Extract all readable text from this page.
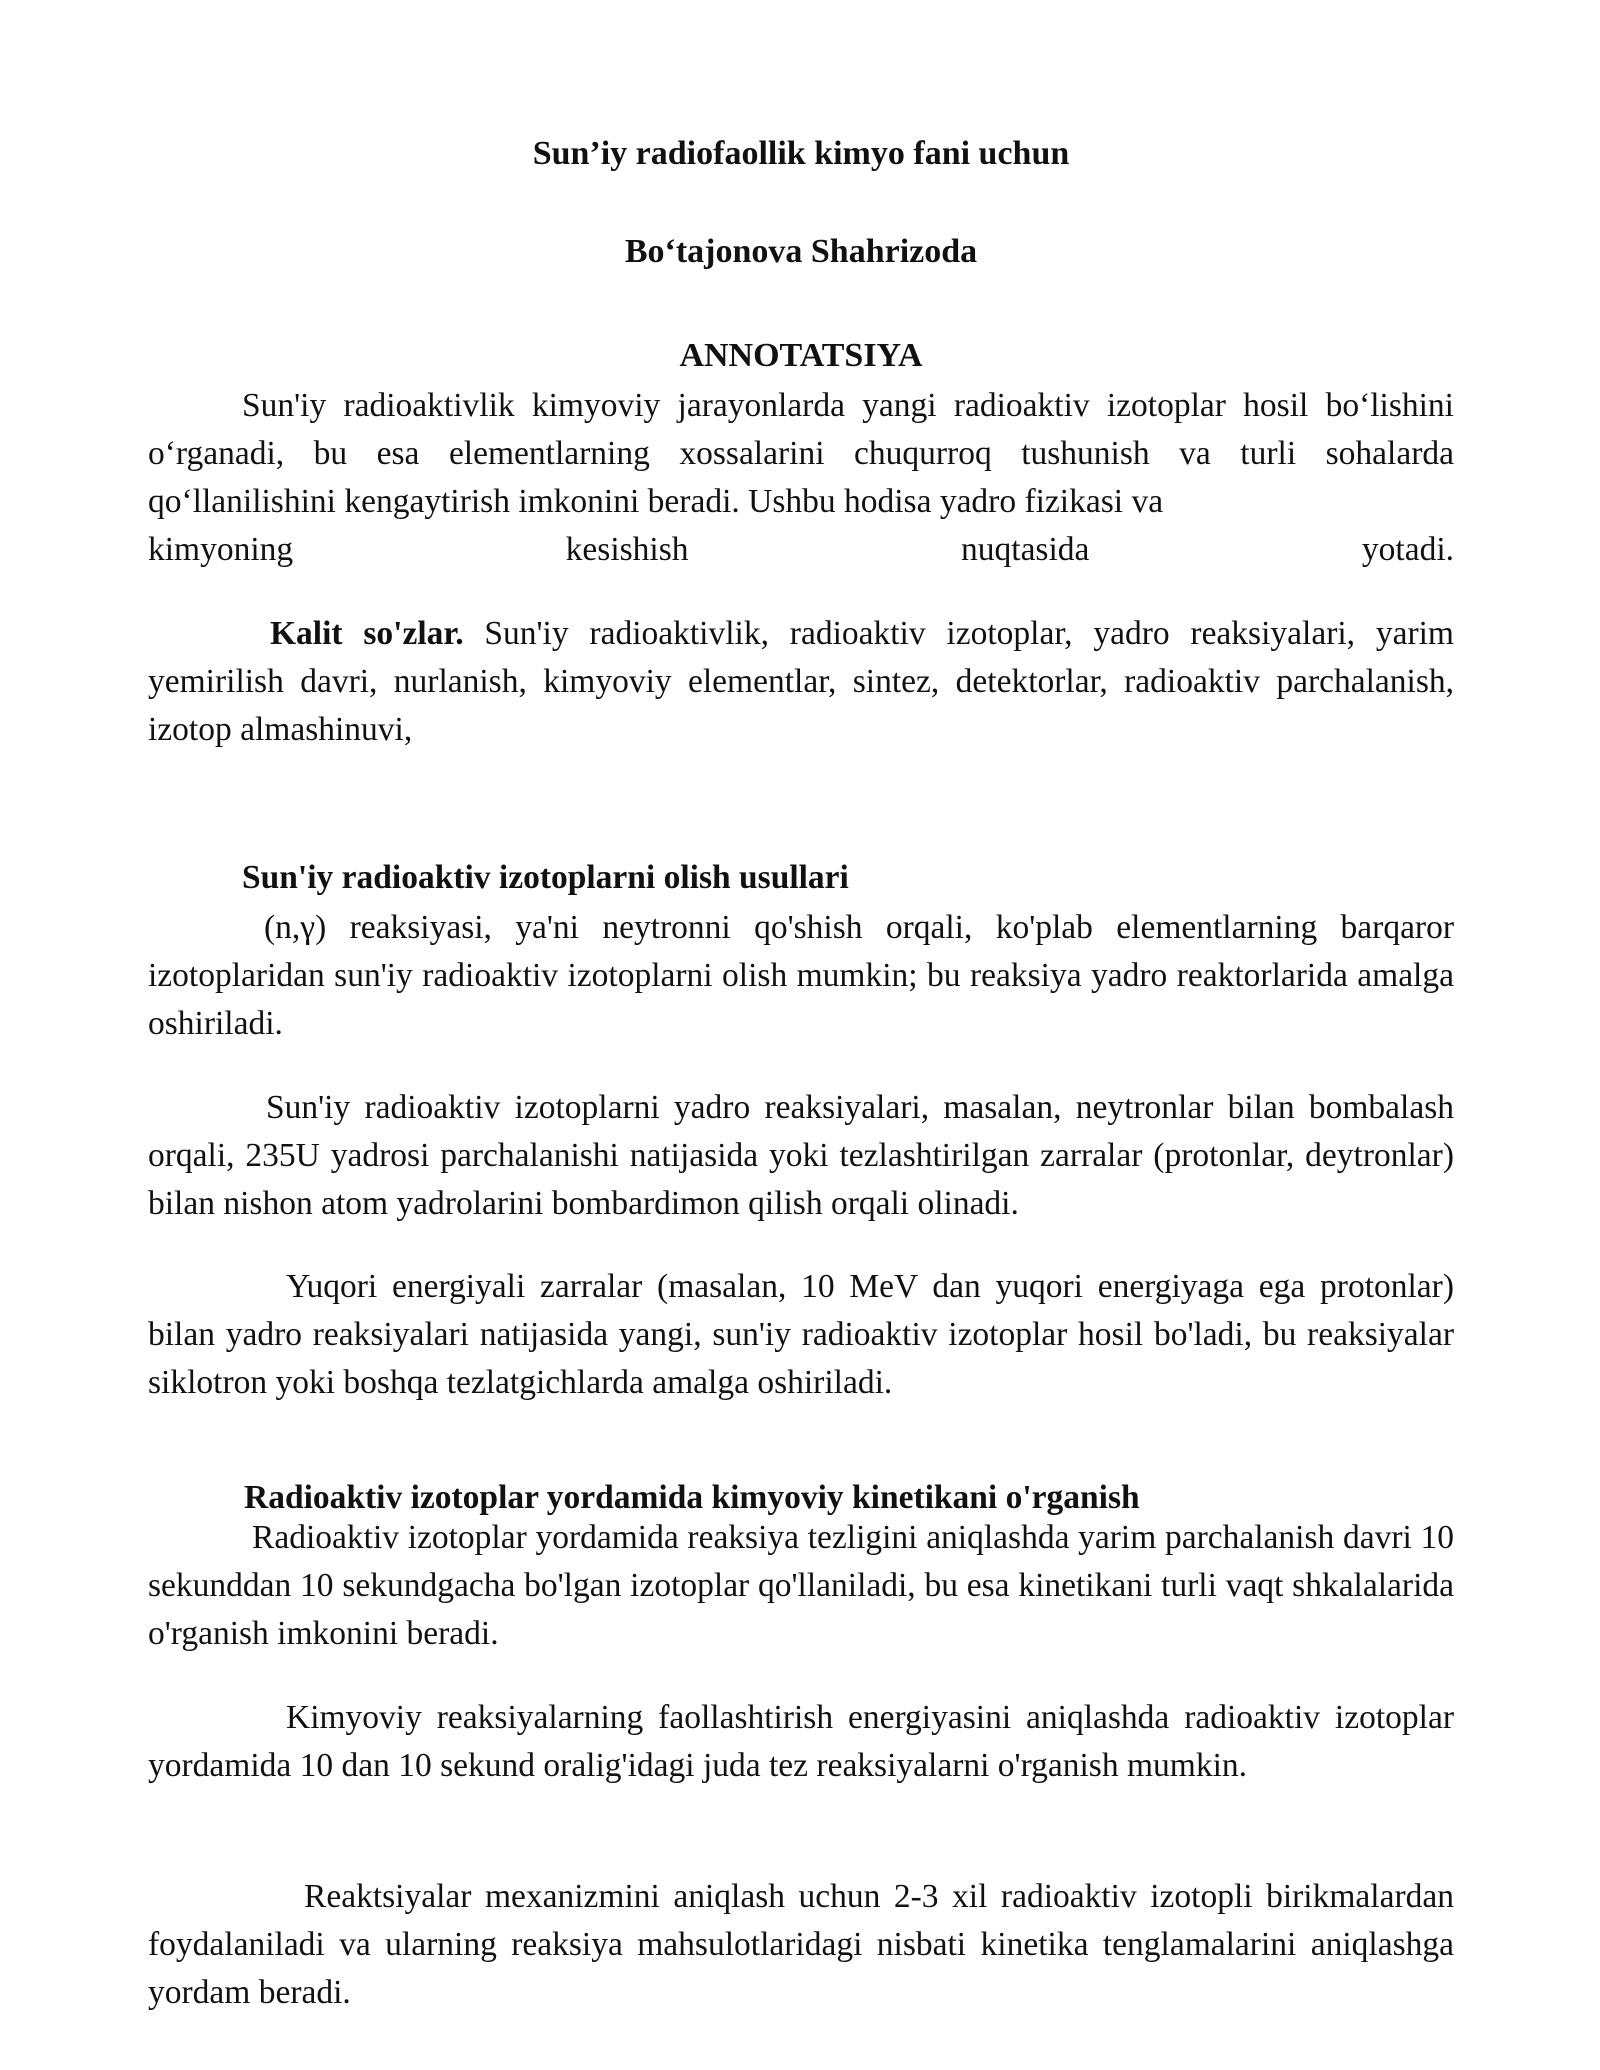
Sun’iy radiofaollik kimyo fani uchun
Bo‘tajonova Shahrizoda
ANNOTATSIYA

Sun'iy radioaktivlik kimyoviy jarayonlarda yangi radioaktiv izotoplar hosil bo‘lishini o‘rganadi, bu esa elementlarning xossalarini chuqurroq tushunish va turli sohalarda qo‘llanilishini kengaytirish imkonini beradi. Ushbu hodisa yadro fizikasi va

kimyoning kesishish nuqtasida yotadi.

Kalit so'zlar. Sun'iy radioaktivlik, radioaktiv izotoplar, yadro reaksiyalari, yarim yemirilish davri, nurlanish, kimyoviy elementlar, sintez, detektorlar, radioaktiv parchalanish, izotop almashinuvi,

Sun'iy radioaktiv izotoplarni olish usullari

(n,γ) reaksiyasi, ya'ni neytronni qo'shish orqali, ko'plab elementlarning barqaror izotoplaridan sun'iy radioaktiv izotoplarni olish mumkin; bu reaksiya yadro reaktorlarida amalga oshiriladi.

Sun'iy radioaktiv izotoplarni yadro reaksiyalari, masalan, neytronlar bilan bombalash orqali, 235U yadrosi parchalanishi natijasida yoki tezlashtirilgan zarralar (protonlar, deytronlar) bilan nishon atom yadrolarini bombardimon qilish orqali olinadi.

Yuqori energiyali zarralar (masalan, 10 MeV dan yuqori energiyaga ega protonlar) bilan yadro reaksiyalari natijasida yangi, sun'iy radioaktiv izotoplar hosil bo'ladi, bu reaksiyalar siklotron yoki boshqa tezlatgichlarda amalga oshiriladi.

Radioaktiv izotoplar yordamida kimyoviy kinetikani o'rganish

Radioaktiv izotoplar yordamida reaksiya tezligini aniqlashda yarim parchalanish davri 10 sekunddan 10 sekundgacha bo'lgan izotoplar qo'llaniladi, bu esa kinetikani turli vaqt shkalalarida o'rganish imkonini beradi.

Kimyoviy reaksiyalarning faollashtirish energiyasini aniqlashda radioaktiv izotoplar yordamida 10 dan 10 sekund oralig'idagi juda tez reaksiyalarni o'rganish mumkin.

Reaktsiyalar mexanizmini aniqlash uchun 2-3 xil radioaktiv izotopli birikmalardan foydalaniladi va ularning reaksiya mahsulotlaridagi nisbati kinetika tenglamalarini aniqlashga yordam beradi.
